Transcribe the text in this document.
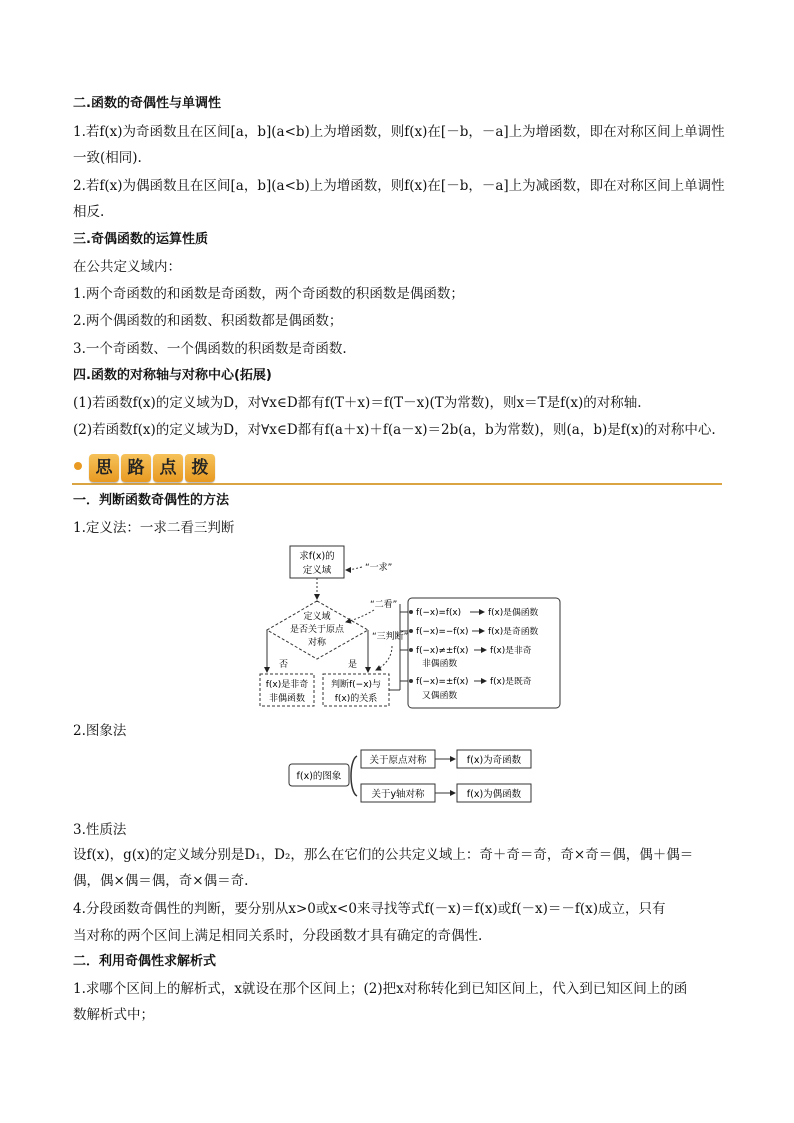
二.函数的奇偶性与单调性
1.若f(x)为奇函数且在区间[a，b](a<b)上为增函数，则f(x)在[－b，－a]上为增函数，即在对称区间上单调性
一致(相同).
2.若f(x)为偶函数且在区间[a，b](a<b)上为增函数，则f(x)在[－b，－a]上为减函数，即在对称区间上单调性
相反.
三.奇偶函数的运算性质
在公共定义域内：
1.两个奇函数的和函数是奇函数，两个奇函数的积函数是偶函数；
2.两个偶函数的和函数、积函数都是偶函数；
3.一个奇函数、一个偶函数的积函数是奇函数.
四.函数的对称轴与对称中心(拓展)
(1)若函数f(x)的定义域为D，对∀x∈D都有f(T＋x)＝f(T－x)(T为常数)，则x＝T是f(x)的对称轴.
(2)若函数f(x)的定义域为D，对∀x∈D都有f(a＋x)＋f(a－x)＝2b(a，b为常数)，则(a，b)是f(x)的对称中心.
思 路 点 拨
一．判断函数奇偶性的方法
1.定义法：一求二看三判断
求f(x)的
定义域	“一求”
定义域
是否关于原点
对称
“二看”
否	是
“三判断”
f(x)是非奇
非偶函数
判断f(−x)与
f(x)的关系
f(−x)=f(x)	f(x)是偶函数
f(−x)=−f(x) f(x)是奇函数
f(−x)≠±f(x) f(x)是非奇
非偶函数
f(−x)=±f(x) f(x)是既奇
又偶函数
2.图象法
f(x)的图象
关于原点对称	f(x)为奇函数
关于y轴对称	f(x)为偶函数
3.性质法
设f(x)，g(x)的定义域分别是D₁，D₂，那么在它们的公共定义域上：奇＋奇＝奇，奇×奇＝偶，偶＋偶＝
偶，偶×偶＝偶，奇×偶＝奇.
4.分段函数奇偶性的判断，要分别从x>0或x<0来寻找等式f(－x)＝f(x)或f(－x)＝－f(x)成立，只有
当对称的两个区间上满足相同关系时，分段函数才具有确定的奇偶性.
二．利用奇偶性求解析式
1.求哪个区间上的解析式，x就设在那个区间上；(2)把x对称转化到已知区间上，代入到已知区间上的函
数解析式中；
